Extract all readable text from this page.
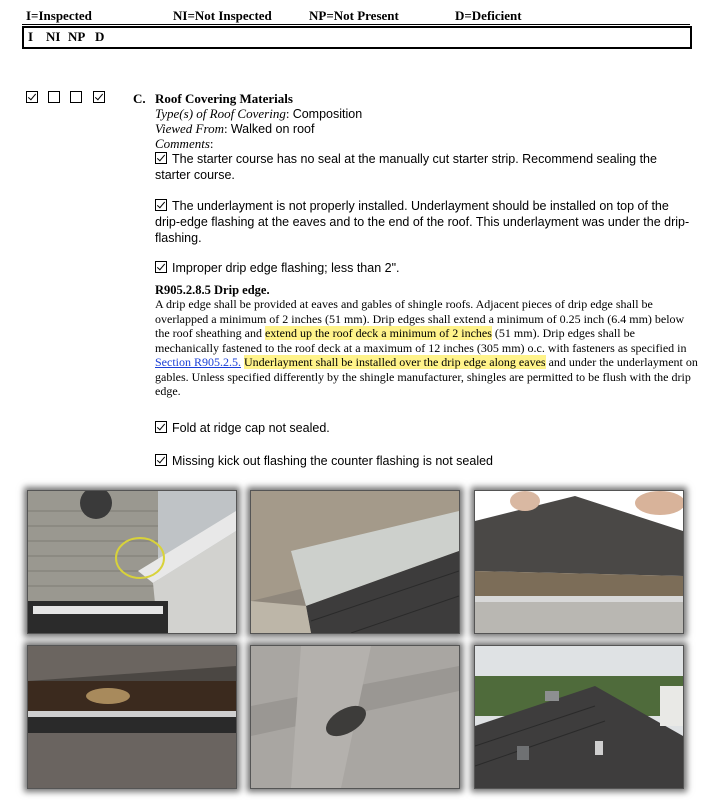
I=Inspected	NI=Not Inspected	NP=Not Present	D=Deficient
I NI NP D
C. Roof Covering Materials
Type(s) of Roof Covering: Composition
Viewed From: Walked on roof
Comments:
The starter course has no seal at the manually cut starter strip. Recommend sealing the starter course.
The underlayment is not properly installed. Underlayment should be installed on top of the drip-edge flashing at the eaves and to the end of the roof. This underlayment was under the drip-flashing.
Improper drip edge flashing; less than 2".
R905.2.8.5 Drip edge.
A drip edge shall be provided at eaves and gables of shingle roofs. Adjacent pieces of drip edge shall be overlapped a minimum of 2 inches (51 mm). Drip edges shall extend a minimum of 0.25 inch (6.4 mm) below the roof sheathing and extend up the roof deck a minimum of 2 inches (51 mm). Drip edges shall be mechanically fastened to the roof deck at a maximum of 12 inches (305 mm) o.c. with fasteners as specified in Section R905.2.5. Underlayment shall be installed over the drip edge along eaves and under the underlayment on gables. Unless specified differently by the shingle manufacturer, shingles are permitted to be flush with the drip edge.
Fold at ridge cap not sealed.
Missing kick out flashing the counter flashing is not sealed
